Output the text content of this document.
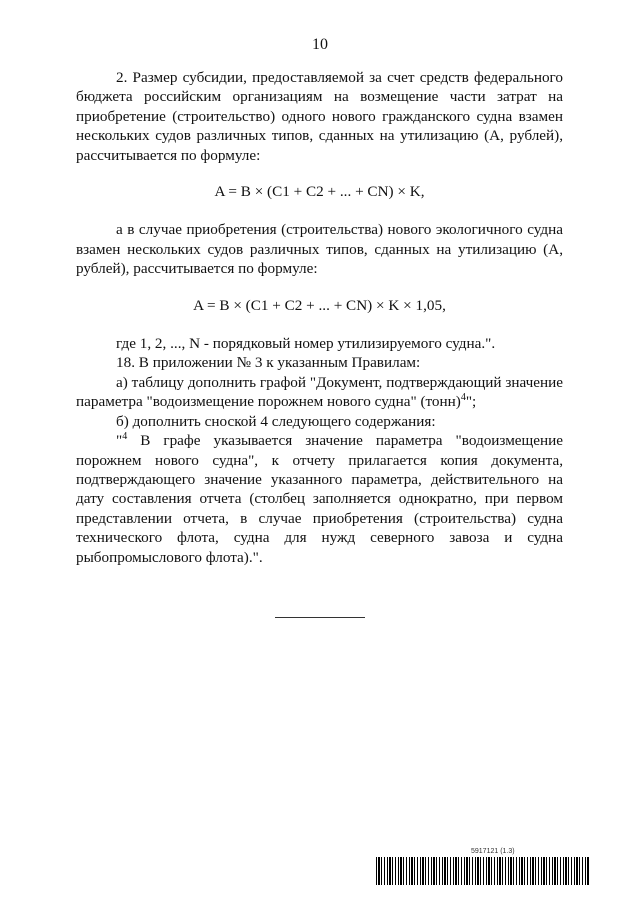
10

2. Размер субсидии, предоставляемой за счет средств федерального бюджета российским организациям на возмещение части затрат на приобретение (строительство) одного нового гражданского судна взамен нескольких судов различных типов, сданных на утилизацию (А, рублей), рассчитывается по формуле:

A = B × (C1 + C2 + ... + CN) × K,

а в случае приобретения (строительства) нового экологичного судна взамен нескольких судов различных типов, сданных на утилизацию (А, рублей), рассчитывается по формуле:

A = B × (C1 + C2 + ... + CN) × K × 1,05,

где 1, 2, ..., N - порядковый номер утилизируемого судна.".

18. В приложении № 3 к указанным Правилам:

а) таблицу дополнить графой "Документ, подтверждающий значение параметра "водоизмещение порожнем нового судна" (тонн)$^4$";

б) дополнить сноской 4 следующего содержания:

"$^4$ В графе указывается значение параметра "водоизмещение порожнем нового судна", к отчету прилагается копия документа, подтверждающего значение указанного параметра, действительного на дату составления отчета (столбец заполняется однократно, при первом представлении отчета, в случае приобретения (строительства) судна технического флота, судна для нужд северного завоза и судна рыбопромыслового флота).".

5917121 (1.3)
